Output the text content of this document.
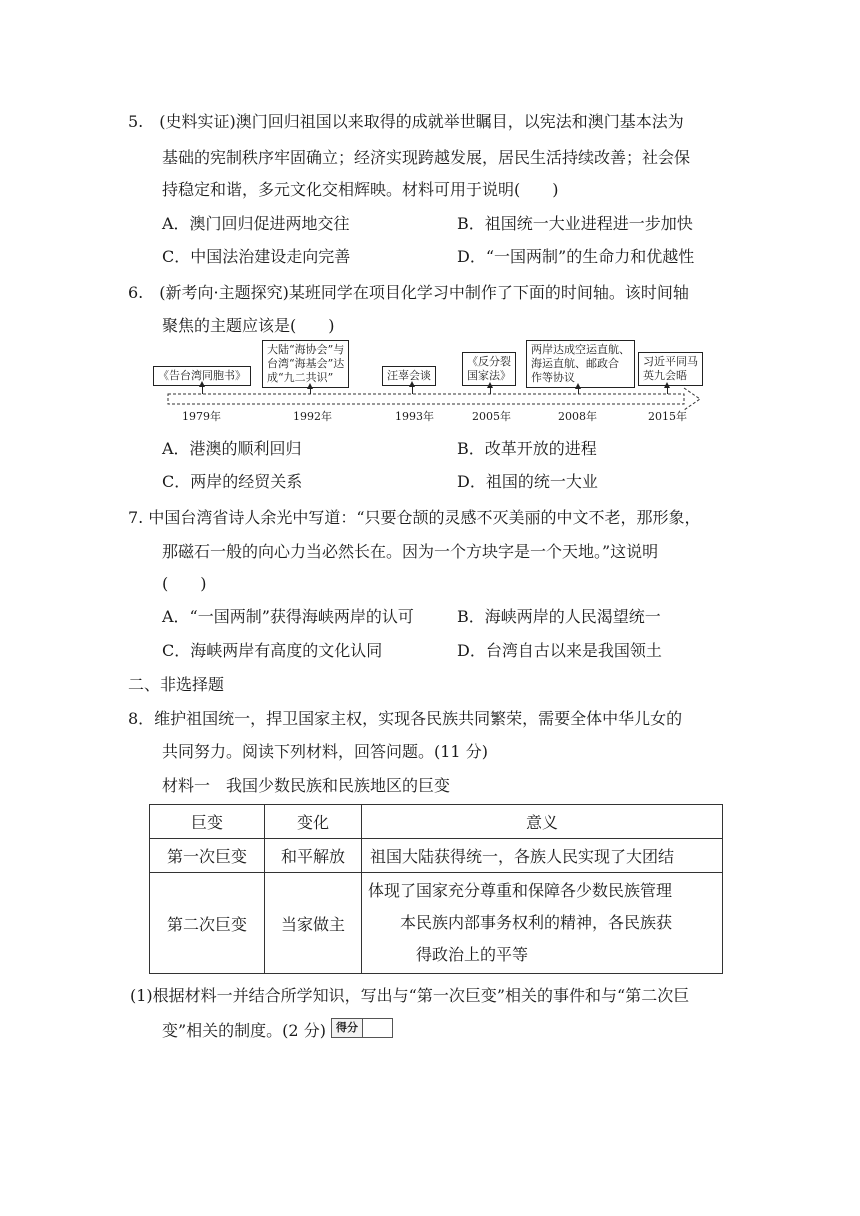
5.　(史料实证)澳门回归祖国以来取得的成就举世瞩目，以宪法和澳门基本法为
基础的宪制秩序牢固确立；经济实现跨越发展，居民生活持续改善；社会保
持稳定和谐，多元文化交相辉映。材料可用于说明(　　)
A．澳门回归促进两地交往	B．祖国统一大业进程进一步加快
C．中国法治建设走向完善	D．“一国两制”的生命力和优越性
6.　(新考向·主题探究)某班同学在项目化学习中制作了下面的时间轴。该时间轴
聚焦的主题应该是(　　)
《告台湾同胞书》
1979年
大陆“海协会”与
台湾“海基会”达
成“九二共识”
1992年
汪辜会谈
1993年
《反分裂
国家法》
2005年
两岸达成空运直航、
海运直航、邮政合
作等协议
2008年
习近平同马
英九会晤
2015年
A．港澳的顺利回归	B．改革开放的进程
C．两岸的经贸关系	D．祖国的统一大业
7. 中国台湾省诗人余光中写道：“只要仓颉的灵感不灭美丽的中文不老，那形象，
那磁石一般的向心力当必然长在。因为一个方块字是一个天地。”这说明
(　　)
A．“一国两制”获得海峡两岸的认可	B．海峡两岸的人民渴望统一
C．海峡两岸有高度的文化认同	D．台湾自古以来是我国领土
二、非选择题
8．维护祖国统一，捍卫国家主权，实现各民族共同繁荣，需要全体中华儿女的
共同努力。阅读下列材料，回答问题。(11 分)
材料一　我国少数民族和民族地区的巨变
巨变	变化	意义
第一次巨变	和平解放	祖国大陆获得统一，各族人民实现了大团结
第二次巨变	当家做主	体现了国家充分尊重和保障各少数民族管理
本民族内部事务权利的精神，各民族获
得政治上的平等
(1)根据材料一并结合所学知识，写出与“第一次巨变”相关的事件和与“第二次巨
变”相关的制度。(2 分) 得分
